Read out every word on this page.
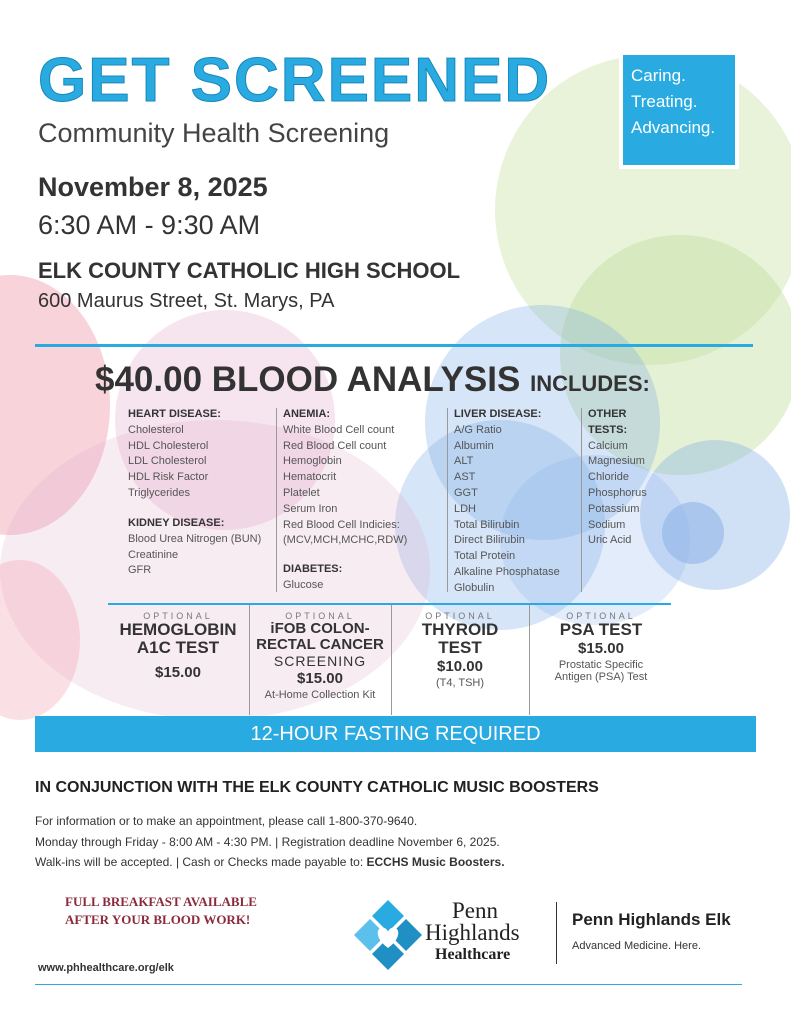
GET SCREENED
Community Health Screening
November 8, 2025
6:30 AM - 9:30 AM
ELK COUNTY CATHOLIC HIGH SCHOOL
600 Maurus Street, St. Marys, PA
Caring.
Treating.
Advancing.
$40.00 BLOOD ANALYSIS INCLUDES:
HEART DISEASE:
Cholesterol
HDL Cholesterol
LDL Cholesterol
HDL Risk Factor
Triglycerides
KIDNEY DISEASE:
Blood Urea Nitrogen (BUN)
Creatinine
GFR
ANEMIA:
White Blood Cell count
Red Blood Cell count
Hemoglobin
Hematocrit
Platelet
Serum Iron
Red Blood Cell Indicies:
(MCV,MCH,MCHC,RDW)
DIABETES:
Glucose
LIVER DISEASE:
A/G Ratio
Albumin
ALT
AST
GGT
LDH
Total Bilirubin
Direct Bilirubin
Total Protein
Alkaline Phosphatase
Globulin
OTHER
TESTS:
Calcium
Magnesium
Chloride
Phosphorus
Potassium
Sodium
Uric Acid
OPTIONAL
HEMOGLOBIN
A1C TEST
$15.00
OPTIONAL
iFOB COLON-
RECTAL CANCER
SCREENING
$15.00
At-Home Collection Kit
OPTIONAL
THYROID
TEST
$10.00
(T4, TSH)
OPTIONAL
PSA TEST
$15.00
Prostatic Specific
Antigen (PSA) Test
12-HOUR FASTING REQUIRED
IN CONJUNCTION WITH THE ELK COUNTY CATHOLIC MUSIC BOOSTERS
For information or to make an appointment, please call 1-800-370-9640.
Monday through Friday - 8:00 AM - 4:30 PM. | Registration deadline November 6, 2025.
Walk-ins will be accepted. | Cash or Checks made payable to: ECCHS Music Boosters.
FULL BREAKFAST AVAILABLE
AFTER YOUR BLOOD WORK!
www.phhealthcare.org/elk
Penn
Highlands
Healthcare
Penn Highlands Elk
Advanced Medicine. Here.
